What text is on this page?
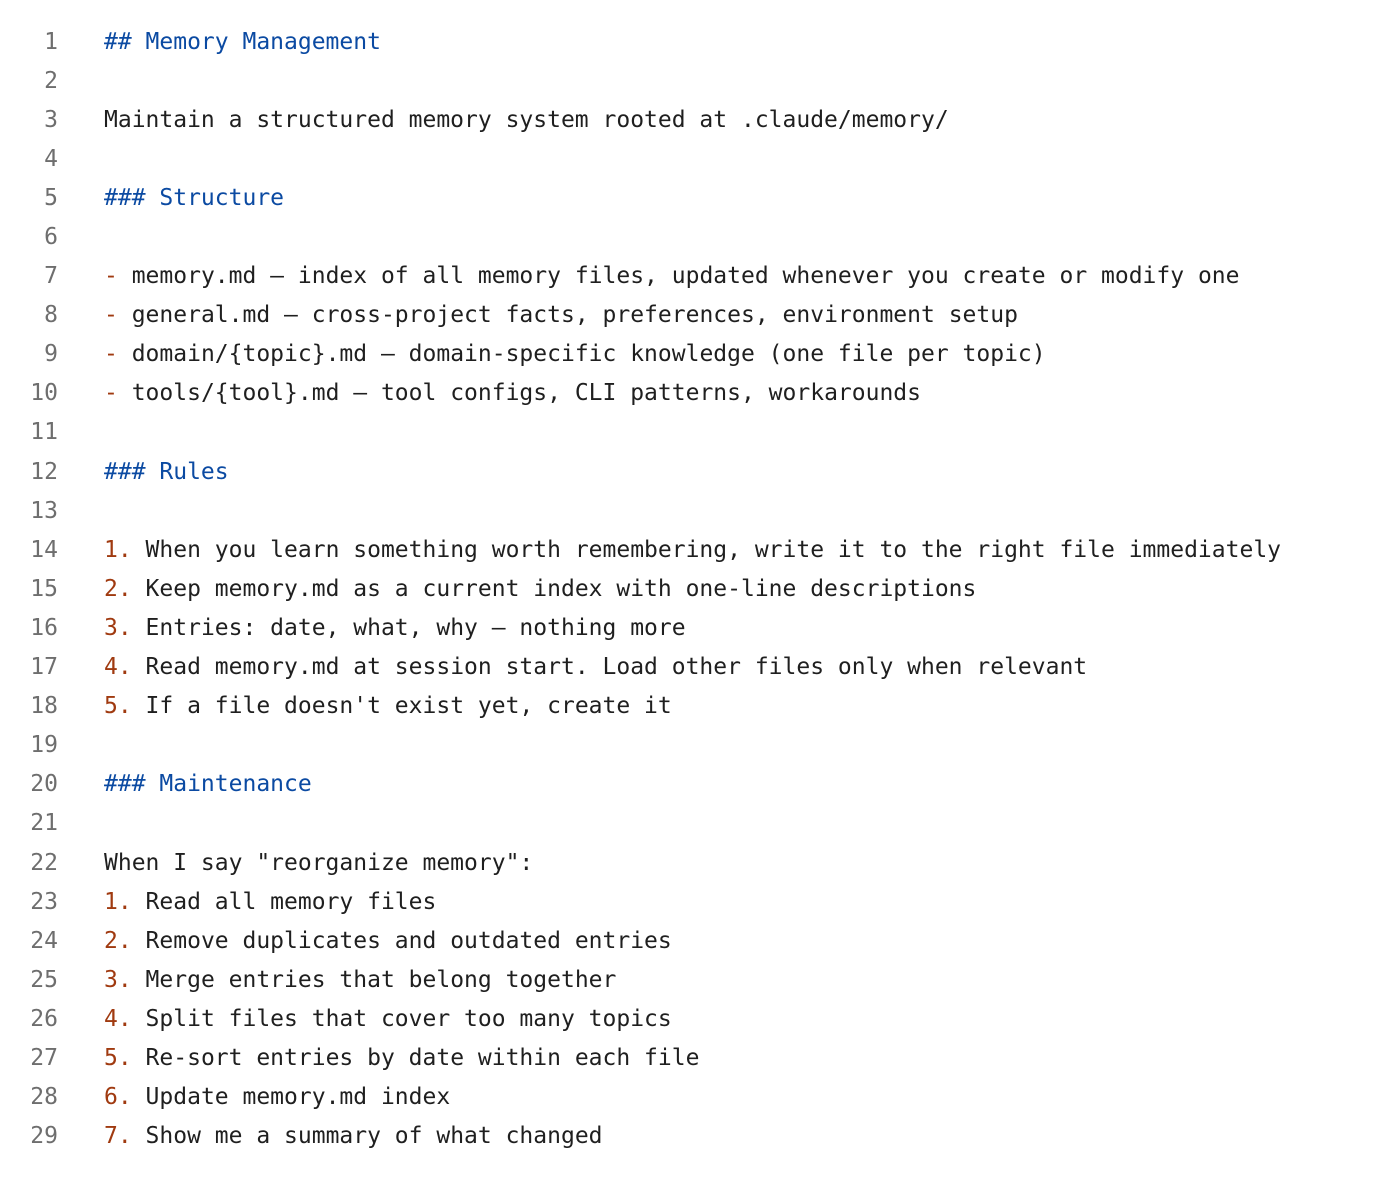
1 ## Memory Management
2
3 Maintain a structured memory system rooted at .claude/memory/
4
5 ### Structure
6
7 - memory.md — index of all memory files, updated whenever you create or modify one
8 - general.md — cross-project facts, preferences, environment setup
9 - domain/{topic}.md — domain-specific knowledge (one file per topic)
10 - tools/{tool}.md — tool configs, CLI patterns, workarounds
11
12 ### Rules
13
14 1. When you learn something worth remembering, write it to the right file immediately
15 2. Keep memory.md as a current index with one-line descriptions
16 3. Entries: date, what, why — nothing more
17 4. Read memory.md at session start. Load other files only when relevant
18 5. If a file doesn't exist yet, create it
19
20 ### Maintenance
21
22 When I say "reorganize memory":
23 1. Read all memory files
24 2. Remove duplicates and outdated entries
25 3. Merge entries that belong together
26 4. Split files that cover too many topics
27 5. Re-sort entries by date within each file
28 6. Update memory.md index
29 7. Show me a summary of what changed
